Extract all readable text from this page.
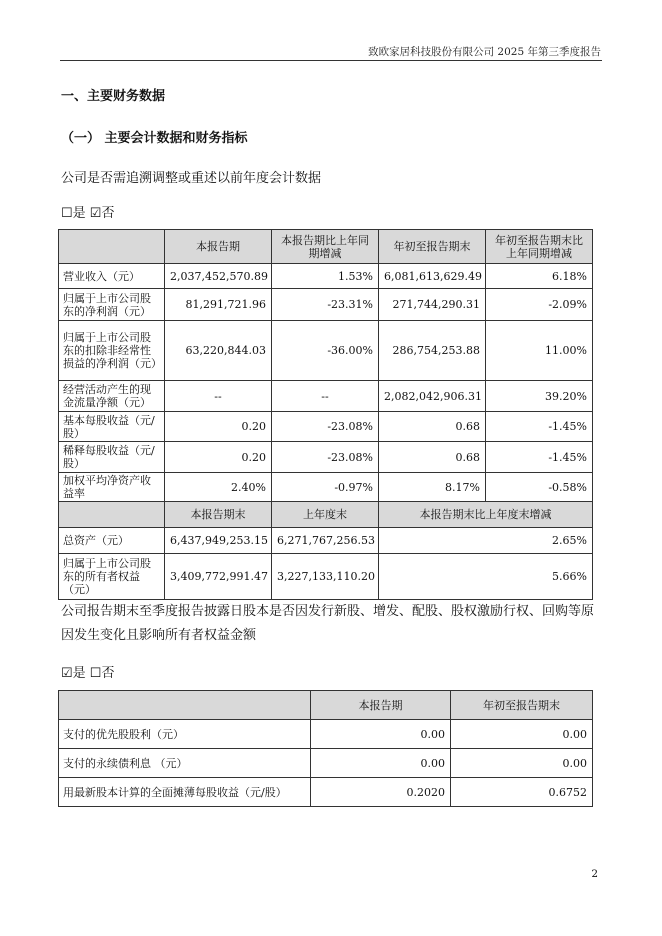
致欧家居科技股份有限公司 2025 年第三季度报告
一、主要财务数据
（一） 主要会计数据和财务指标
公司是否需追溯调整或重述以前年度会计数据
☐是 ☑否
	本报告期	本报告期比上年同期增减	年初至报告期末	年初至报告期末比上年同期增减
营业收入（元）	2,037,452,570.89	1.53%	6,081,613,629.49	6.18%
归属于上市公司股东的净利润（元）	81,291,721.96	-23.31%	271,744,290.31	-2.09%
归属于上市公司股东的扣除非经常性损益的净利润（元）	63,220,844.03	-36.00%	286,754,253.88	11.00%
经营活动产生的现金流量净额（元）	--	--	2,082,042,906.31	39.20%
基本每股收益（元/股）	0.20	-23.08%	0.68	-1.45%
稀释每股收益（元/股）	0.20	-23.08%	0.68	-1.45%
加权平均净资产收益率	2.40%	-0.97%	8.17%	-0.58%
	本报告期末	上年度末	本报告期末比上年度末增减	
总资产（元）	6,437,949,253.15	6,271,767,256.53	2.65%	
归属于上市公司股东的所有者权益（元）	3,409,772,991.47	3,227,133,110.20	5.66%	
公司报告期末至季度报告披露日股本是否因发行新股、增发、配股、股权激励行权、回购等原因发生变化且影响所有者权益金额
☑是 ☐否
	本报告期	年初至报告期末
支付的优先股股利（元）	0.00	0.00
支付的永续债利息 （元）	0.00	0.00
用最新股本计算的全面摊薄每股收益（元/股）	0.2020	0.6752
2
